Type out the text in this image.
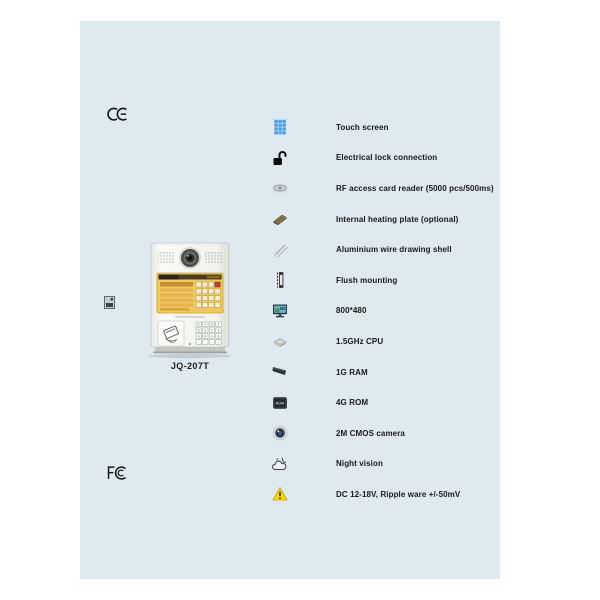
JQ-207T
Touch screen
Electrical lock connection
RF access card reader (5000 pcs/500ms)
Internal heating plate (optional)
Aluminium wire drawing shell
Flush mounting
800*480
1.5GHz CPU
1G RAM
ROM	4G ROM
2M CMOS camera
Night vision
DC 12-18V, Ripple ware +/-50mV
